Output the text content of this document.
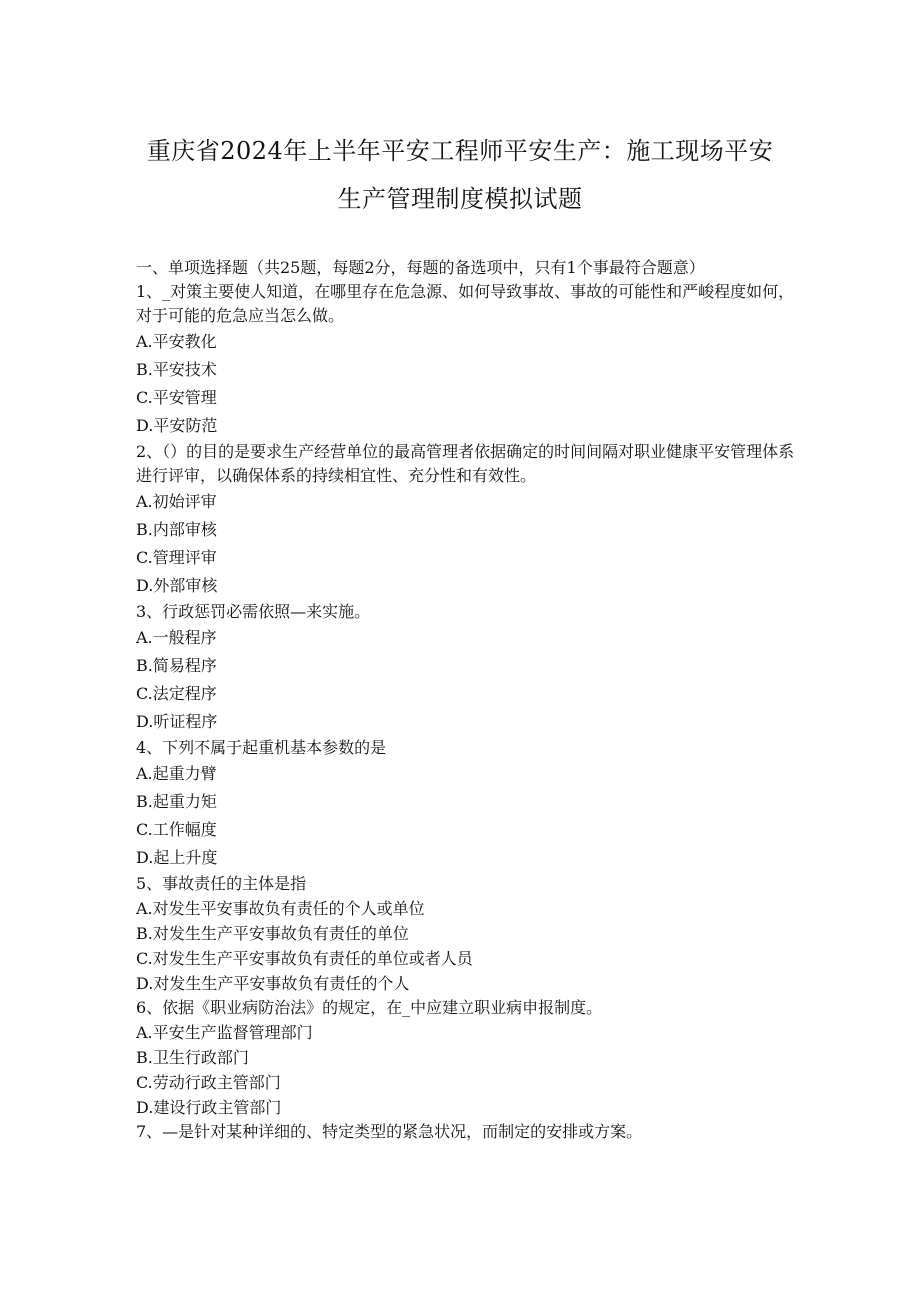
重庆省2024年上半年平安工程师平安生产：施工现场平安
生产管理制度模拟试题

一、单项选择题（共25题，每题2分，每题的备选项中，只有1个事最符合题意）

1、_对策主要使人知道，在哪里存在危急源、如何导致事故、事故的可能性和严峻程度如何，对于可能的危急应当怎么做。

A.平安教化

B.平安技术

C.平安管理

D.平安防范

2、（）的目的是要求生产经营单位的最高管理者依据确定的时间间隔对职业健康平安管理体系进行评审，以确保体系的持续相宜性、充分性和有效性。

A.初始评审

B.内部审核

C.管理评审

D.外部审核

3、行政惩罚必需依照—来实施。

A.一般程序

B.简易程序

C.法定程序

D.听证程序

4、下列不属于起重机基本参数的是

A.起重力臂

B.起重力矩

C.工作幅度

D.起上升度

5、事故责任的主体是指

A.对发生平安事故负有责任的个人或单位

B.对发生生产平安事故负有责任的单位

C.对发生生产平安事故负有责任的单位或者人员

D.对发生生产平安事故负有责任的个人

6、依据《职业病防治法》的规定，在_中应建立职业病申报制度。

A.平安生产监督管理部门

B.卫生行政部门

C.劳动行政主管部门

D.建设行政主管部门

7、—是针对某种详细的、特定类型的紧急状况，而制定的安排或方案。
